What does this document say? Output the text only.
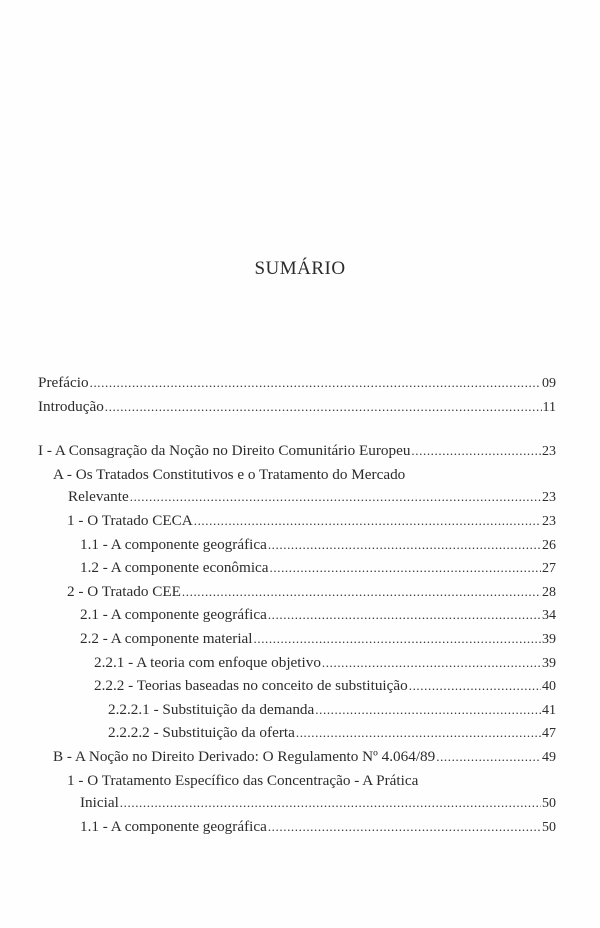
SUMÁRIO
Prefácio .....	09
Introdução .....	11
I - A Consagração da Noção no Direito Comunitário Europeu .....	23
A - Os Tratados Constitutivos e o Tratamento do Mercado
Relevante .....	23
1 - O Tratado CECA .....	23
1.1 - A componente geográfica .....	26
1.2 - A componente econômica .....	27
2 - O Tratado CEE .....	28
2.1 - A componente geográfica .....	34
2.2 - A componente material .....	39
2.2.1 - A teoria com enfoque objetivo .....	39
2.2.2 - Teorias baseadas no conceito de substituição .....	40
2.2.2.1 - Substituição da demanda .....	41
2.2.2.2 - Substituição da oferta .....	47
B - A Noção no Direito Derivado: O Regulamento Nº 4.064/89 .....	49
1 - O Tratamento Específico das Concentração - A Prática
Inicial .....	50
1.1 - A componente geográfica .....	50
